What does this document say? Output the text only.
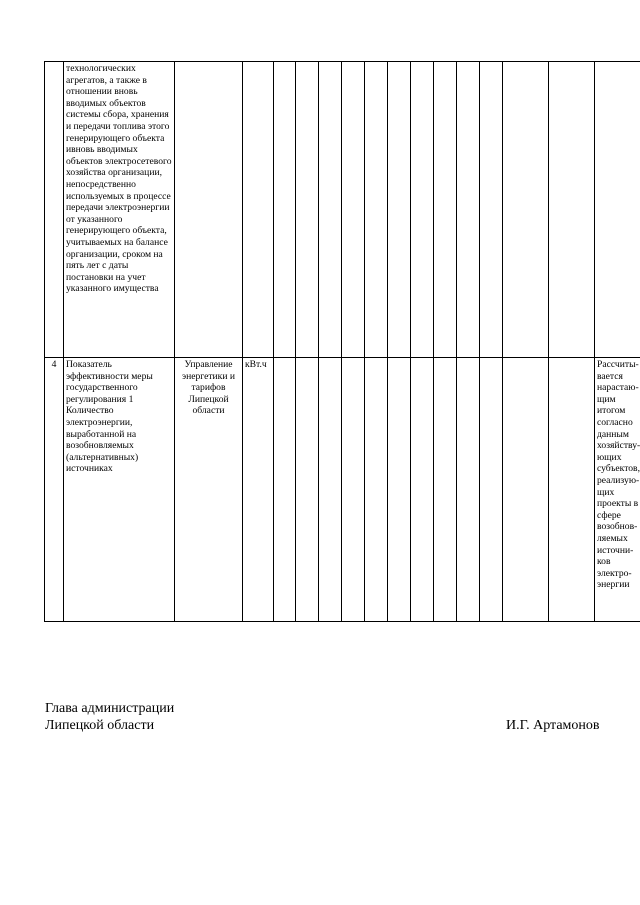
	технологических агрегатов, а также в отношении вновь вводимых объектов системы сбора, хранения и передачи топлива этого генерирующего объекта ивновь вводимых объектов электросетевого хозяйства организации, непосредственно используемых в процессе передачи электроэнергии от указанного генерирующего объекта, учитываемых на балансе организации, сроком на пять лет с даты постановки на учет указанного имущества															
4	Показатель эффективности меры государственного регулирования 1 Количество электроэнергии, выработанной на возобновляемых (альтернативных) источниках	Управление энергетики и тарифов Липецкой области	кВт.ч													Рассчиты-вается нарастаю-щим итогом согласно данным хозяйству-ющих субъектов, реализую-щих проекты в сфере возобнов-ляемых источни-ков электро-энергии
Глава администрации
Липецкой области	И.Г. Артамонов
